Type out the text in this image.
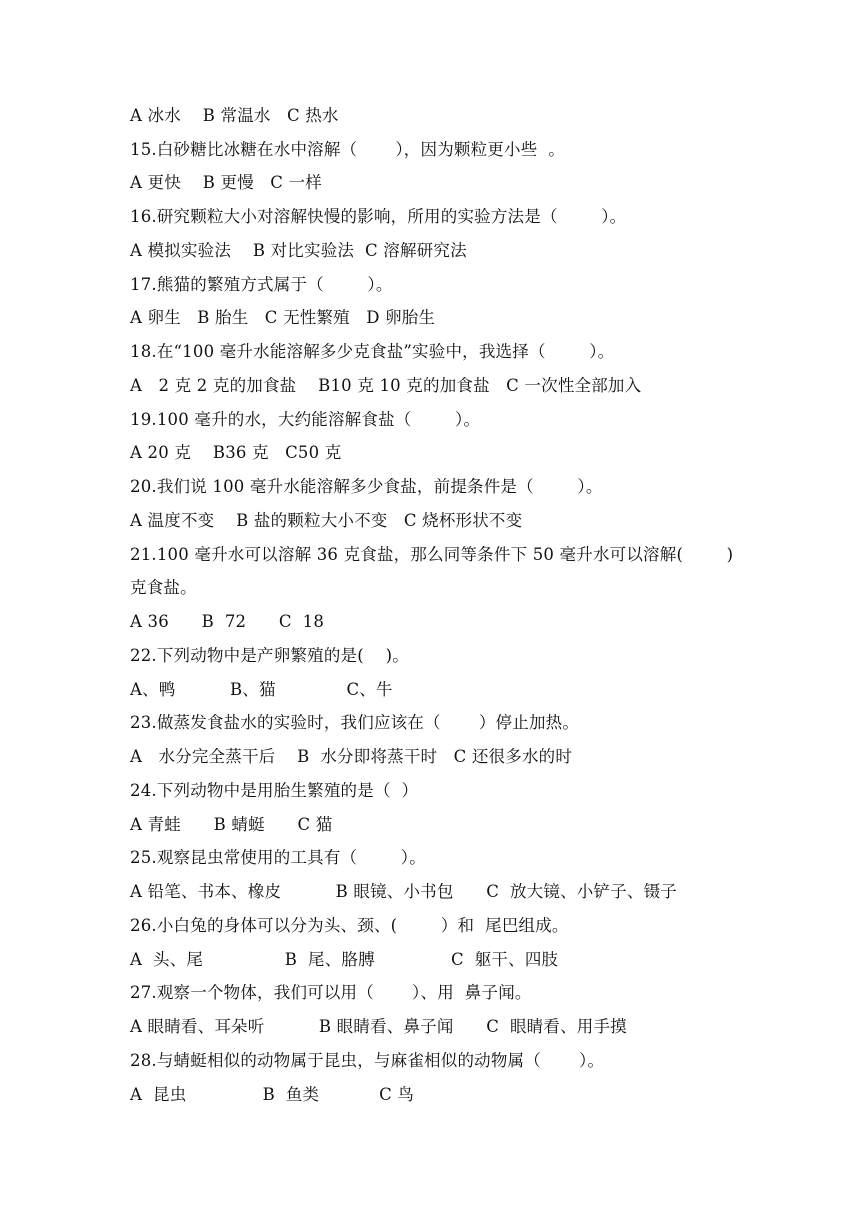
A 冰水    B 常温水   C 热水
15.白砂糖比冰糖在水中溶解（       ），因为颗粒更小些  。
A 更快    B 更慢   C 一样
16.研究颗粒大小对溶解快慢的影响，所用的实验方法是（        ）。
A 模拟实验法    B 对比实验法  C 溶解研究法
17.熊猫的繁殖方式属于（        ）。
A 卵生   B 胎生   C 无性繁殖   D 卵胎生
18.在“100 毫升水能溶解多少克食盐”实验中，我选择（        ）。
A   2 克 2 克的加食盐    B10 克 10 克的加食盐   C 一次性全部加入
19.100 毫升的水，大约能溶解食盐（        ）。
A 20 克    B36 克   C50 克
20.我们说 100 毫升水能溶解多少食盐，前提条件是（        ）。
A 温度不变    B 盐的颗粒大小不变   C 烧杯形状不变
21.100 毫升水可以溶解 36 克食盐，那么同等条件下 50 毫升水可以溶解(        )
克食盐。
A 36      B  72      C  18
22.下列动物中是产卵繁殖的是(    )。
A、鸭          B、猫             C、牛
23.做蒸发食盐水的实验时，我们应该在（       ）停止加热。
A   水分完全蒸干后    B  水分即将蒸干时   C 还很多水的时
24.下列动物中是用胎生繁殖的是（  ）
A 青蛙      B 蜻蜓      C 猫
25.观察昆虫常使用的工具有（        ）。
A 铅笔、书本、橡皮          B 眼镜、小书包      C  放大镜、小铲子、镊子
26.小白兔的身体可以分为头、颈、(        ）和  尾巴组成。
A  头、尾               B  尾、胳膊              C  躯干、四肢
27.观察一个物体，我们可以用（       ）、用  鼻子闻。
A 眼睛看、耳朵听          B 眼睛看、鼻子闻      C  眼睛看、用手摸
28.与蜻蜓相似的动物属于昆虫，与麻雀相似的动物属（       ）。
A  昆虫              B  鱼类           C 鸟
